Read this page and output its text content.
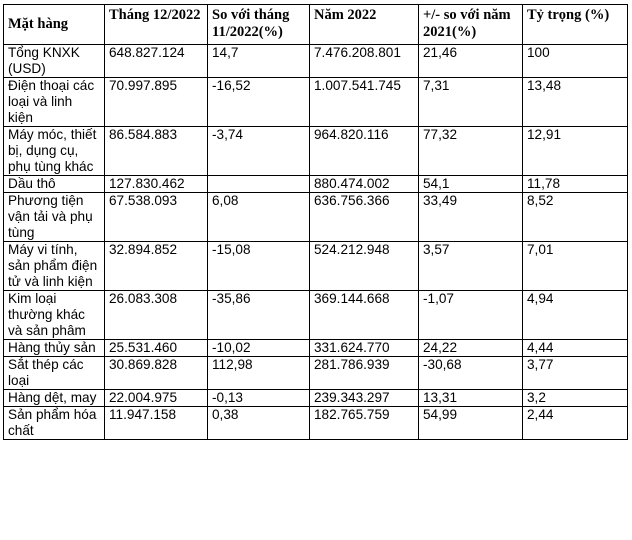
Mặt hàng	Tháng 12/2022	So với tháng 11/2022(%)	Năm 2022	+/- so với năm 2021(%)	Tỷ trọng (%)
Tổng KNXK (USD)	648.827.124	14,7	7.476.208.801	21,46	100
Điện thoại các loại và linh kiện	70.997.895	-16,52	1.007.541.745	7,31	13,48
Máy móc, thiết bị, dụng cụ, phụ tùng khác	86.584.883	-3,74	964.820.116	77,32	12,91
Dầu thô	127.830.462		880.474.002	54,1	11,78
Phương tiện vận tải và phụ tùng	67.538.093	6,08	636.756.366	33,49	8,52
Máy vi tính, sản phẩm điện tử và linh kiện	32.894.852	-15,08	524.212.948	3,57	7,01
Kim loại thường khác và sản phâm	26.083.308	-35,86	369.144.668	-1,07	4,94
Hàng thủy sản	25.531.460	-10,02	331.624.770	24,22	4,44
Sắt thép các loại	30.869.828	112,98	281.786.939	-30,68	3,77
Hàng dệt, may	22.004.975	-0,13	239.343.297	13,31	3,2
Sản phẩm hóa chất	11.947.158	0,38	182.765.759	54,99	2,44
